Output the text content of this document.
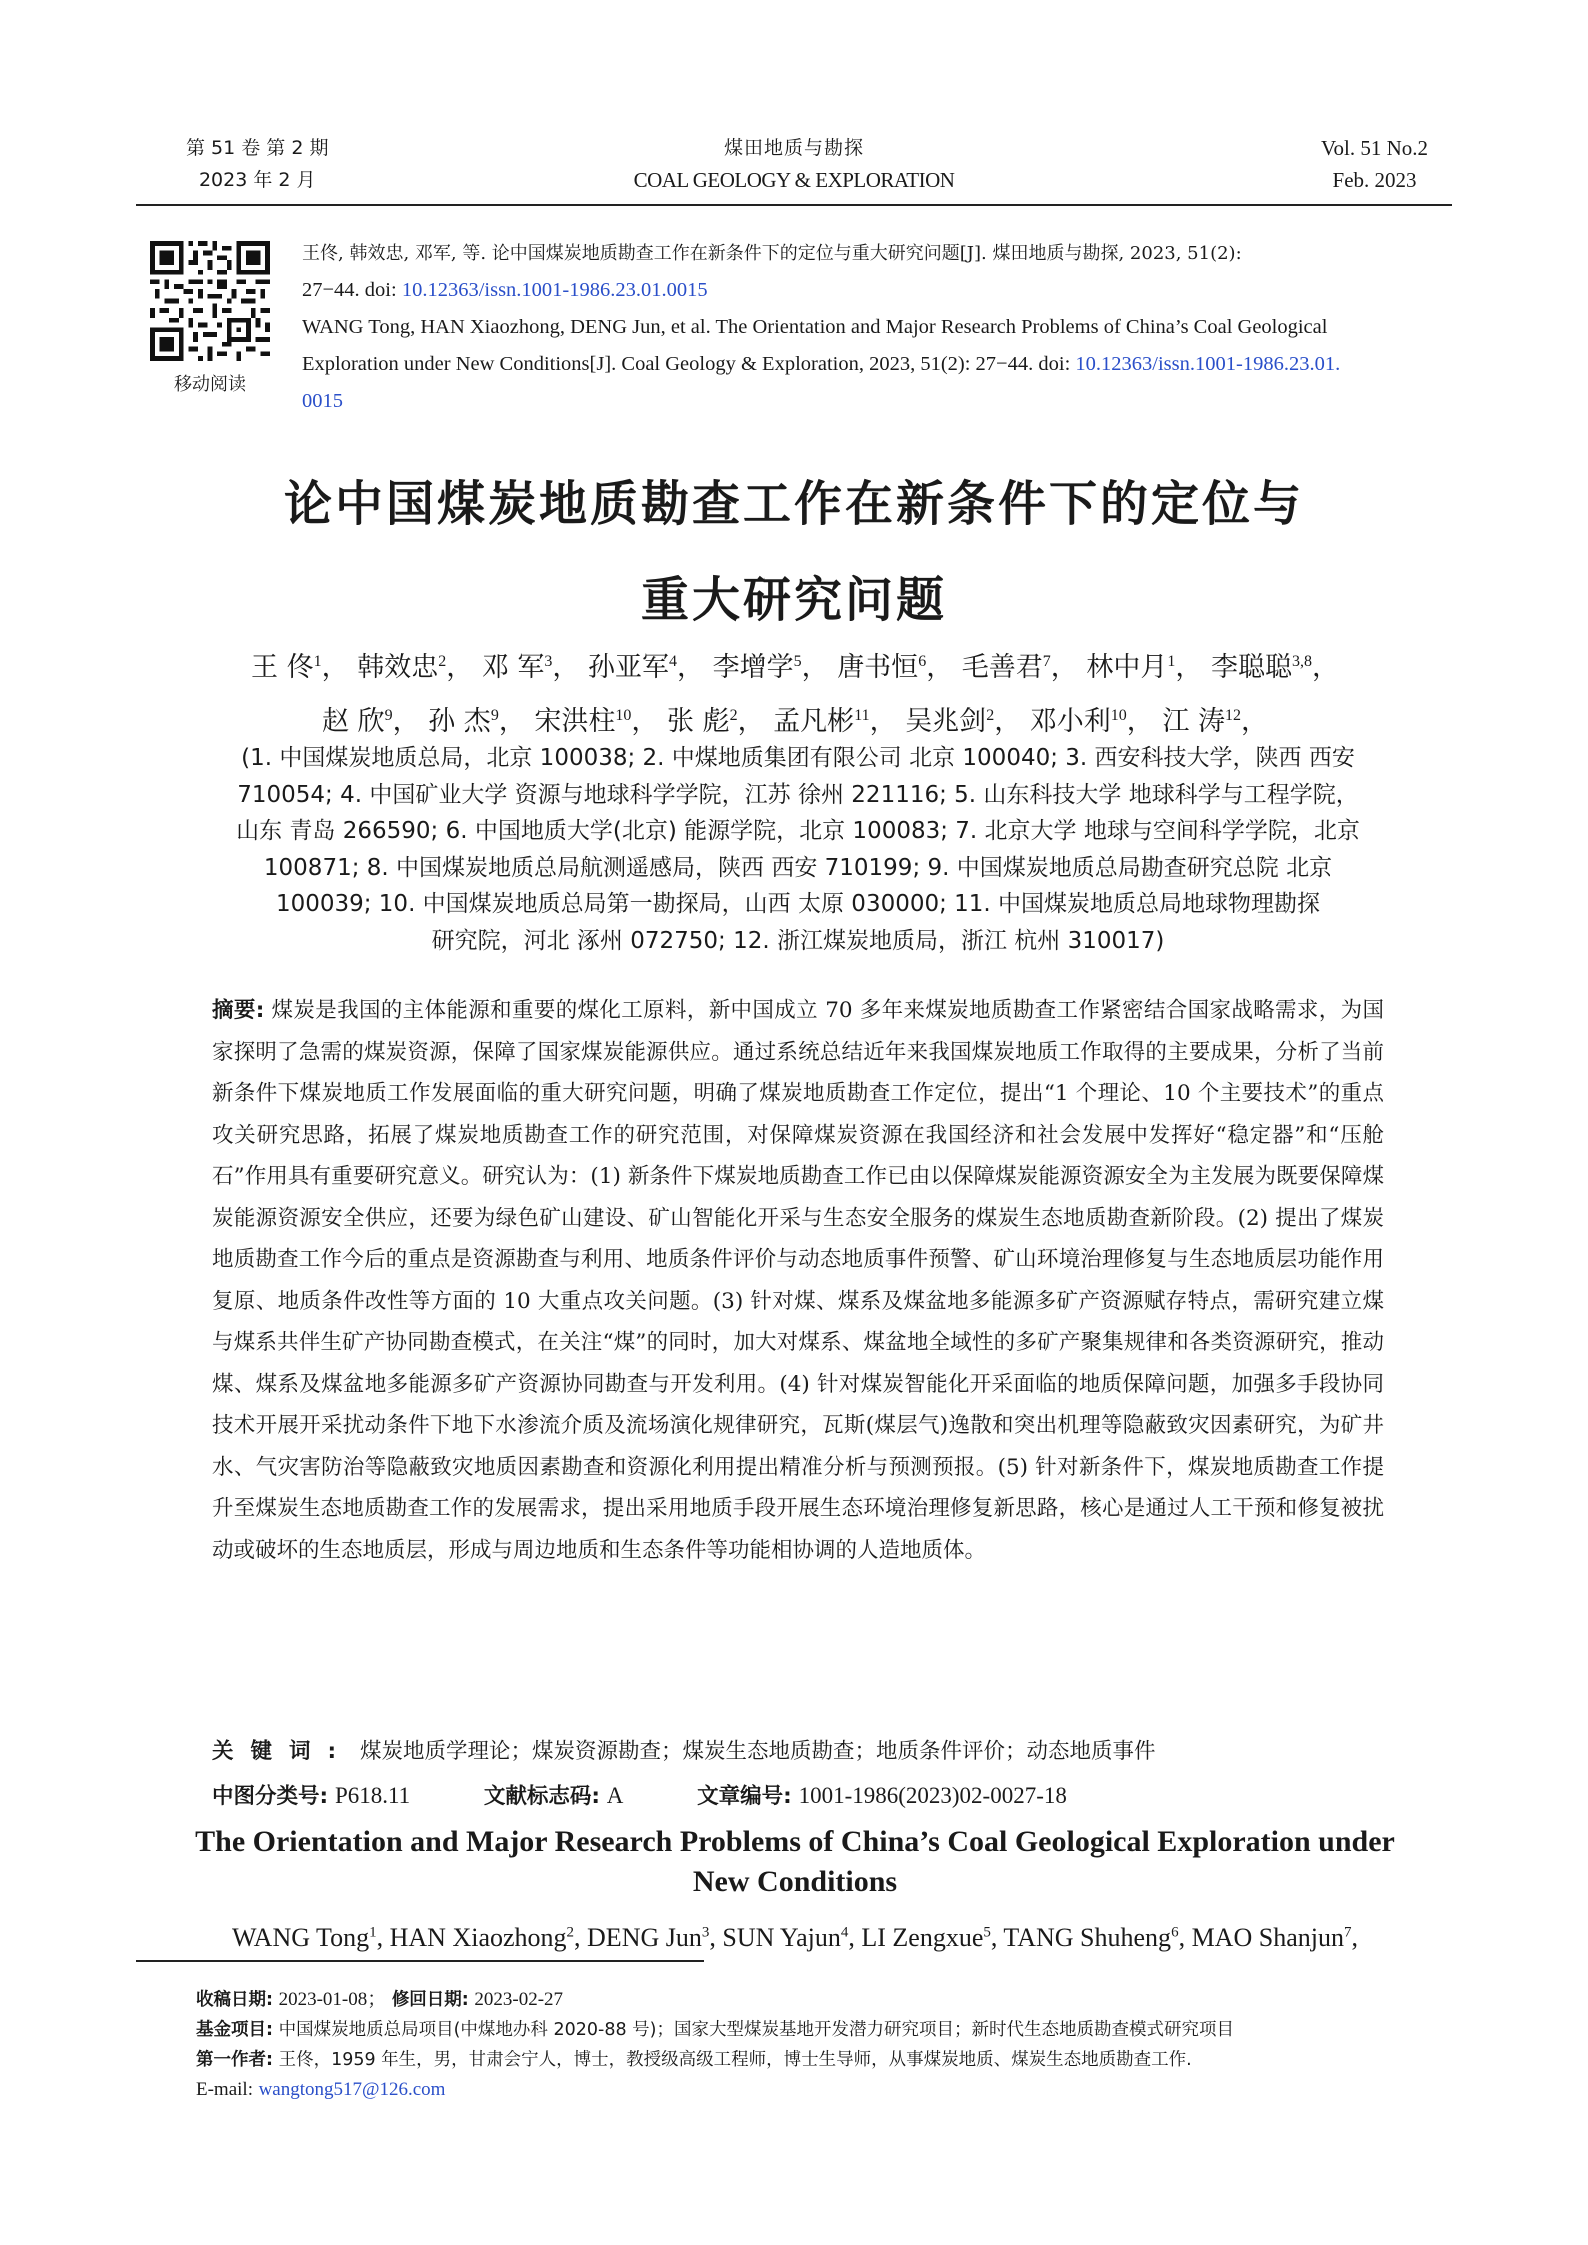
第 51 卷 第 2 期
2023 年 2 月
煤田地质与勘探
COAL GEOLOGY & EXPLORATION
Vol. 51 No.2
Feb. 2023
移动阅读
王佟, 韩效忠, 邓军, 等. 论中国煤炭地质勘查工作在新条件下的定位与重大研究问题[J]. 煤田地质与勘探, 2023, 51(2):
27−44. doi: 10.12363/issn.1001-1986.23.01.0015
WANG Tong, HAN Xiaozhong, DENG Jun, et al. The Orientation and Major Research Problems of China’s Coal Geological
Exploration under New Conditions[J]. Coal Geology & Exploration, 2023, 51(2): 27−44. doi: 10.12363/issn.1001-1986.23.01.
0015
论中国煤炭地质勘查工作在新条件下的定位与
重大研究问题
王 佟$^1$， 韩效忠$^2$， 邓 军$^3$， 孙亚军$^4$， 李增学$^5$， 唐书恒$^6$， 毛善君$^7$， 林中月$^1$， 李聪聪$^{3,8}$，
赵 欣$^9$， 孙 杰$^9$， 宋洪柱$^{10}$， 张 彪$^2$， 孟凡彬$^{11}$， 吴兆剑$^2$， 邓小利$^{10}$， 江 涛$^{12}$，
(1. 中国煤炭地质总局，北京 100038; 2. 中煤地质集团有限公司 北京 100040; 3. 西安科技大学，陕西 西安
710054; 4. 中国矿业大学 资源与地球科学学院，江苏 徐州 221116; 5. 山东科技大学 地球科学与工程学院，
山东 青岛 266590; 6. 中国地质大学(北京) 能源学院，北京 100083; 7. 北京大学 地球与空间科学学院，北京
100871; 8. 中国煤炭地质总局航测遥感局，陕西 西安 710199; 9. 中国煤炭地质总局勘查研究总院 北京
100039; 10. 中国煤炭地质总局第一勘探局，山西 太原 030000; 11. 中国煤炭地质总局地球物理勘探
研究院，河北 涿州 072750; 12. 浙江煤炭地质局，浙江 杭州 310017)
摘要: 煤炭是我国的主体能源和重要的煤化工原料，新中国成立 70 多年来煤炭地质勘查工作紧密结合国家战略需求，为国家探明了急需的煤炭资源，保障了国家煤炭能源供应。通过系统总结近年来我国煤炭地质工作取得的主要成果，分析了当前新条件下煤炭地质工作发展面临的重大研究问题，明确了煤炭地质勘查工作定位，提出“1 个理论、10 个主要技术”的重点攻关研究思路，拓展了煤炭地质勘查工作的研究范围，对保障煤炭资源在我国经济和社会发展中发挥好“稳定器”和“压舱石”作用具有重要研究意义。研究认为：(1) 新条件下煤炭地质勘查工作已由以保障煤炭能源资源安全为主发展为既要保障煤炭能源资源安全供应，还要为绿色矿山建设、矿山智能化开采与生态安全服务的煤炭生态地质勘查新阶段。(2) 提出了煤炭地质勘查工作今后的重点是资源勘查与利用、地质条件评价与动态地质事件预警、矿山环境治理修复与生态地质层功能作用复原、地质条件改性等方面的 10 大重点攻关问题。(3) 针对煤、煤系及煤盆地多能源多矿产资源赋存特点，需研究建立煤与煤系共伴生矿产协同勘查模式，在关注“煤”的同时，加大对煤系、煤盆地全域性的多矿产聚集规律和各类资源研究，推动煤、煤系及煤盆地多能源多矿产资源协同勘查与开发利用。(4) 针对煤炭智能化开采面临的地质保障问题，加强多手段协同技术开展开采扰动条件下地下水渗流介质及流场演化规律研究，瓦斯(煤层气)逸散和突出机理等隐蔽致灾因素研究，为矿井水、气灾害防治等隐蔽致灾地质因素勘查和资源化利用提出精准分析与预测预报。(5) 针对新条件下，煤炭地质勘查工作提升至煤炭生态地质勘查工作的发展需求，提出采用地质手段开展生态环境治理修复新思路，核心是通过人工干预和修复被扰动或破坏的生态地质层，形成与周边地质和生态条件等功能相协调的人造地质体。
关键词: 煤炭地质学理论；煤炭资源勘查；煤炭生态地质勘查；地质条件评价；动态地质事件
中图分类号: P618.11	文献标志码: A	文章编号: 1001-1986(2023)02-0027-18
The Orientation and Major Research Problems of China’s Coal Geological Exploration under
New Conditions
WANG Tong$^1$, HAN Xiaozhong$^2$, DENG Jun$^3$, SUN Yajun$^4$, LI Zengxue$^5$, TANG Shuheng$^6$, MAO Shanjun$^7$,
收稿日期: 2023-01-08； 修回日期: 2023-02-27
基金项目: 中国煤炭地质总局项目(中煤地办科 2020-88 号)；国家大型煤炭基地开发潜力研究项目；新时代生态地质勘查模式研究项目
第一作者: 王佟，1959 年生，男，甘肃会宁人，博士，教授级高级工程师，博士生导师，从事煤炭地质、煤炭生态地质勘查工作.
E-mail: wangtong517@126.com
